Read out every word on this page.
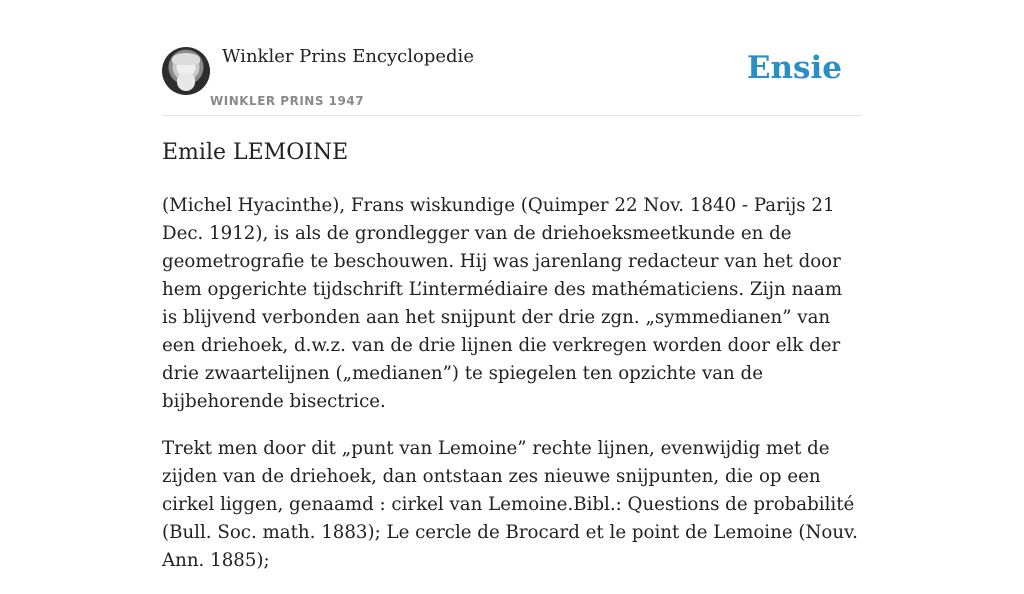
Winkler Prins Encyclopedie
WINKLER PRINS 1947
Ensie
Emile LEMOINE

(Michel Hyacinthe), Frans wiskundige (Quimper 22 Nov. 1840 - Parijs 21 Dec. 1912), is als de grondlegger van de driehoeksmeetkunde en de geometrografie te beschouwen. Hij was jarenlang redacteur van het door hem opgerichte tijdschrift L’intermédiaire des mathématiciens. Zijn naam is blijvend verbonden aan het snijpunt der drie zgn. „symmedianen” van een driehoek, d.w.z. van de drie lijnen die verkregen worden door elk der drie zwaartelijnen („medianen”) te spiegelen ten opzichte van de bijbehorende bisectrice.

Trekt men door dit „punt van Lemoine” rechte lijnen, evenwijdig met de zijden van de driehoek, dan ontstaan zes nieuwe snijpunten, die op een cirkel liggen, genaamd : cirkel van Lemoine.Bibl.: Questions de probabilité (Bull. Soc. math. 1883); Le cercle de Brocard et le point de Lemoine (Nouv. Ann. 1885);
